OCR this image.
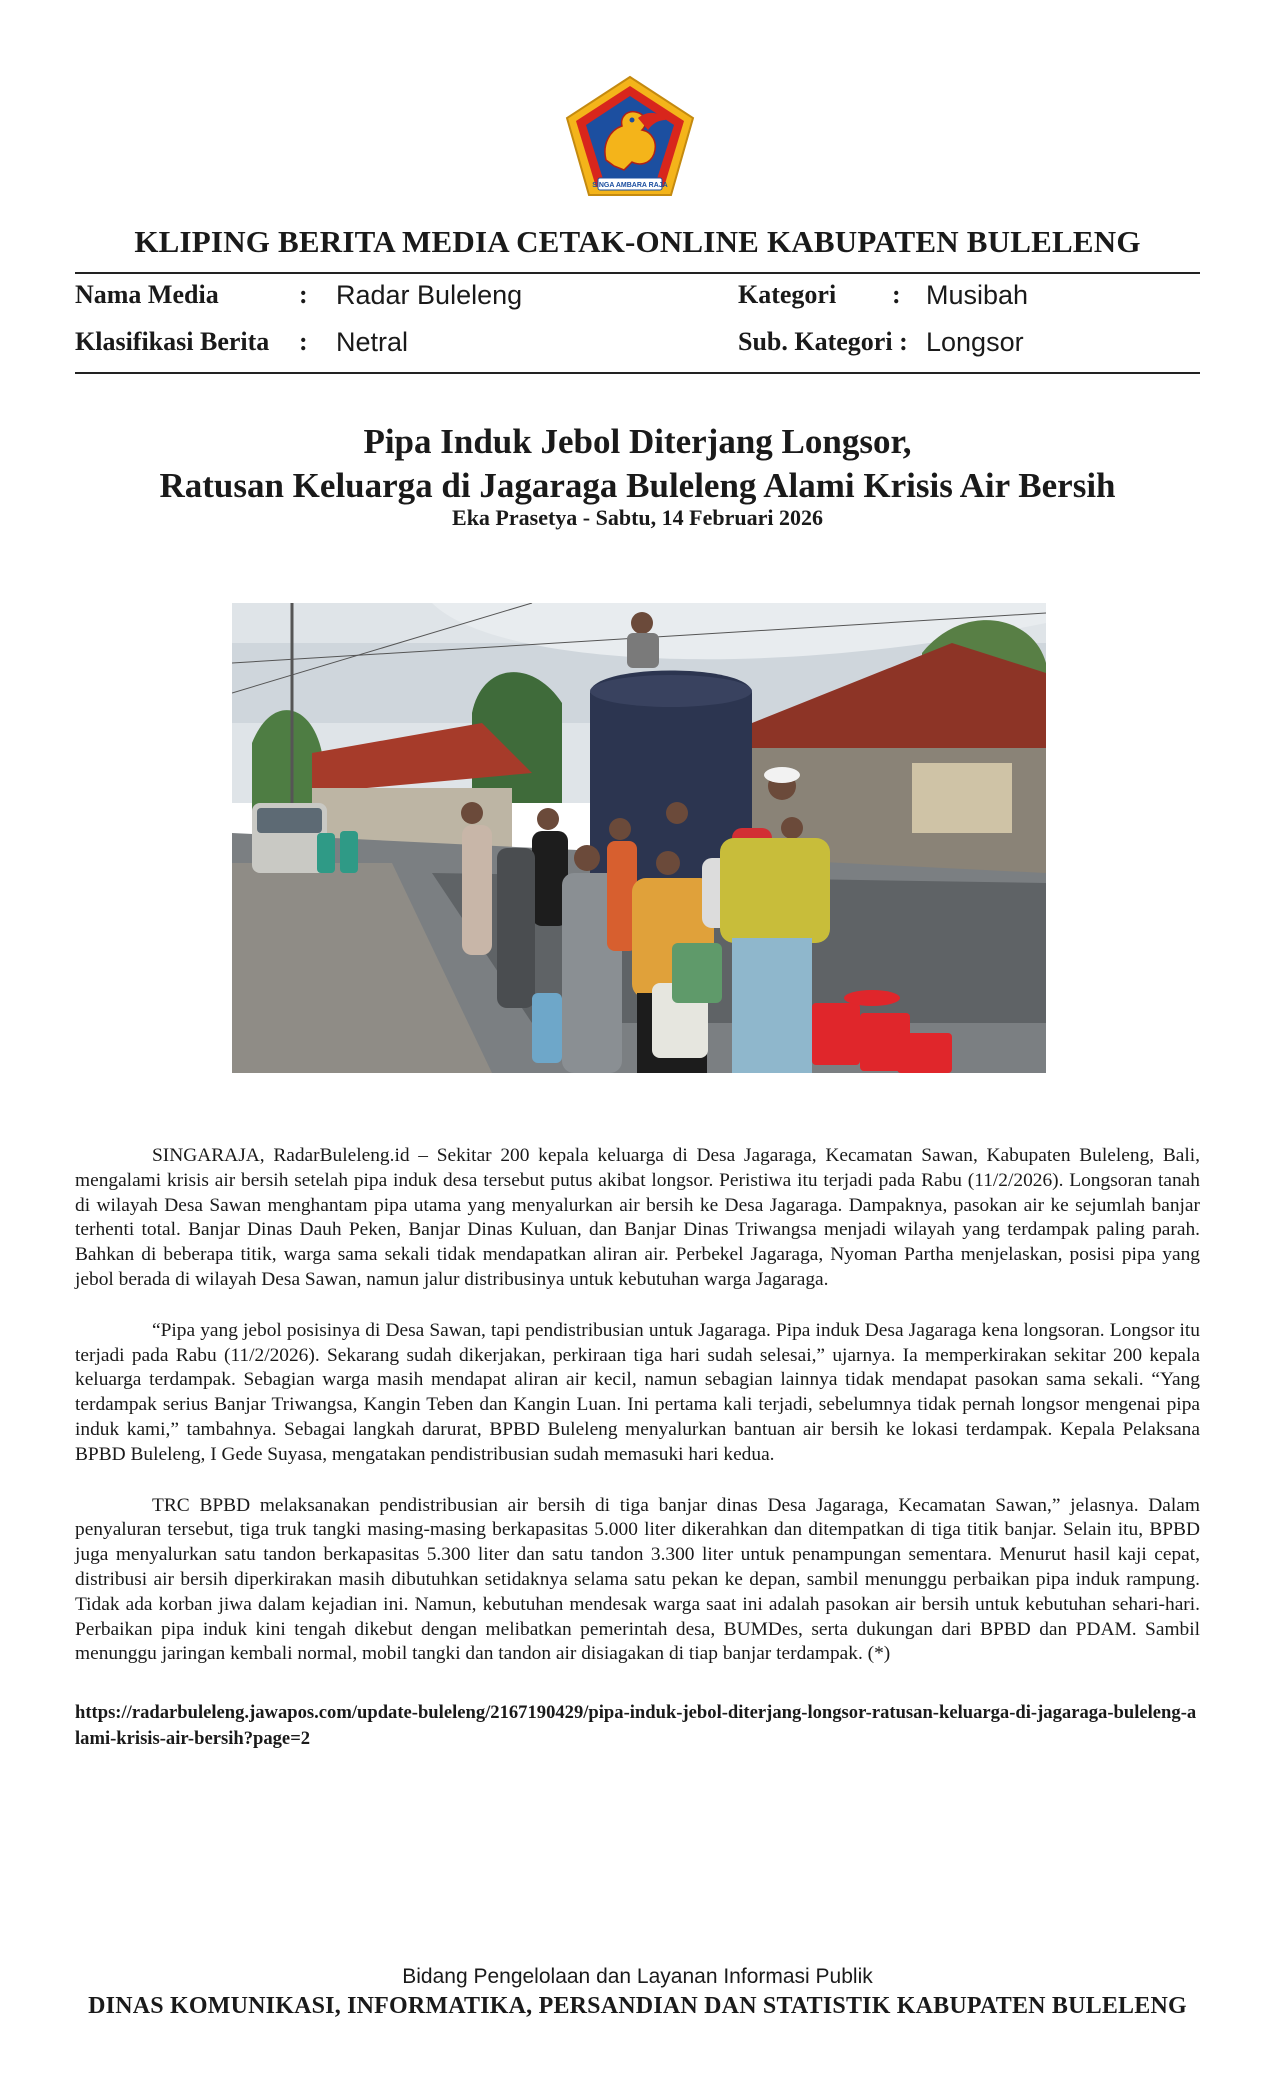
SINGA AMBARA RAJA
KLIPING BERITA MEDIA CETAK-ONLINE KABUPATEN BULELENG
Nama Media	: Radar Buleleng	Kategori : Musibah
Klasifikasi Berita : Netral	Sub. Kategori : Longsor
Pipa Induk Jebol Diterjang Longsor,
Ratusan Keluarga di Jagaraga Buleleng Alami Krisis Air Bersih
Eka Prasetya - Sabtu, 14 Februari 2026

SINGARAJA, RadarBuleleng.id – Sekitar 200 kepala keluarga di Desa Jagaraga, Kecamatan Sawan, Kabupaten Buleleng, Bali, mengalami krisis air bersih setelah pipa induk desa tersebut putus akibat longsor. Peristiwa itu terjadi pada Rabu (11/2/2026). Longsoran tanah di wilayah Desa Sawan menghantam pipa utama yang menyalurkan air bersih ke Desa Jagaraga. Dampaknya, pasokan air ke sejumlah banjar terhenti total. Banjar Dinas Dauh Peken, Banjar Dinas Kuluan, dan Banjar Dinas Triwangsa menjadi wilayah yang terdampak paling parah. Bahkan di beberapa titik, warga sama sekali tidak mendapatkan aliran air. Perbekel Jagaraga, Nyoman Partha menjelaskan, posisi pipa yang jebol berada di wilayah Desa Sawan, namun jalur distribusinya untuk kebutuhan warga Jagaraga.

“Pipa yang jebol posisinya di Desa Sawan, tapi pendistribusian untuk Jagaraga. Pipa induk Desa Jagaraga kena longsoran. Longsor itu terjadi pada Rabu (11/2/2026). Sekarang sudah dikerjakan, perkiraan tiga hari sudah selesai,” ujarnya. Ia memperkirakan sekitar 200 kepala keluarga terdampak. Sebagian warga masih mendapat aliran air kecil, namun sebagian lainnya tidak mendapat pasokan sama sekali. “Yang terdampak serius Banjar Triwangsa, Kangin Teben dan Kangin Luan. Ini pertama kali terjadi, sebelumnya tidak pernah longsor mengenai pipa induk kami,” tambahnya. Sebagai langkah darurat, BPBD Buleleng menyalurkan bantuan air bersih ke lokasi terdampak. Kepala Pelaksana BPBD Buleleng, I Gede Suyasa, mengatakan pendistribusian sudah memasuki hari kedua.

TRC BPBD melaksanakan pendistribusian air bersih di tiga banjar dinas Desa Jagaraga, Kecamatan Sawan,” jelasnya. Dalam penyaluran tersebut, tiga truk tangki masing-masing berkapasitas 5.000 liter dikerahkan dan ditempatkan di tiga titik banjar. Selain itu, BPBD juga menyalurkan satu tandon berkapasitas 5.300 liter dan satu tandon 3.300 liter untuk penampungan sementara. Menurut hasil kaji cepat, distribusi air bersih diperkirakan masih dibutuhkan setidaknya selama satu pekan ke depan, sambil menunggu perbaikan pipa induk rampung. Tidak ada korban jiwa dalam kejadian ini. Namun, kebutuhan mendesak warga saat ini adalah pasokan air bersih untuk kebutuhan sehari-hari. Perbaikan pipa induk kini tengah dikebut dengan melibatkan pemerintah desa, BUMDes, serta dukungan dari BPBD dan PDAM. Sambil menunggu jaringan kembali normal, mobil tangki dan tandon air disiagakan di tiap banjar terdampak. (*)

https://radarbuleleng.jawapos.com/update-buleleng/2167190429/pipa-induk-jebol-diterjang-longsor-ratusan-keluarga-di-jagaraga-buleleng-alami-krisis-air-bersih?page=2
Bidang Pengelolaan dan Layanan Informasi Publik
DINAS KOMUNIKASI, INFORMATIKA, PERSANDIAN DAN STATISTIK KABUPATEN BULELENG
